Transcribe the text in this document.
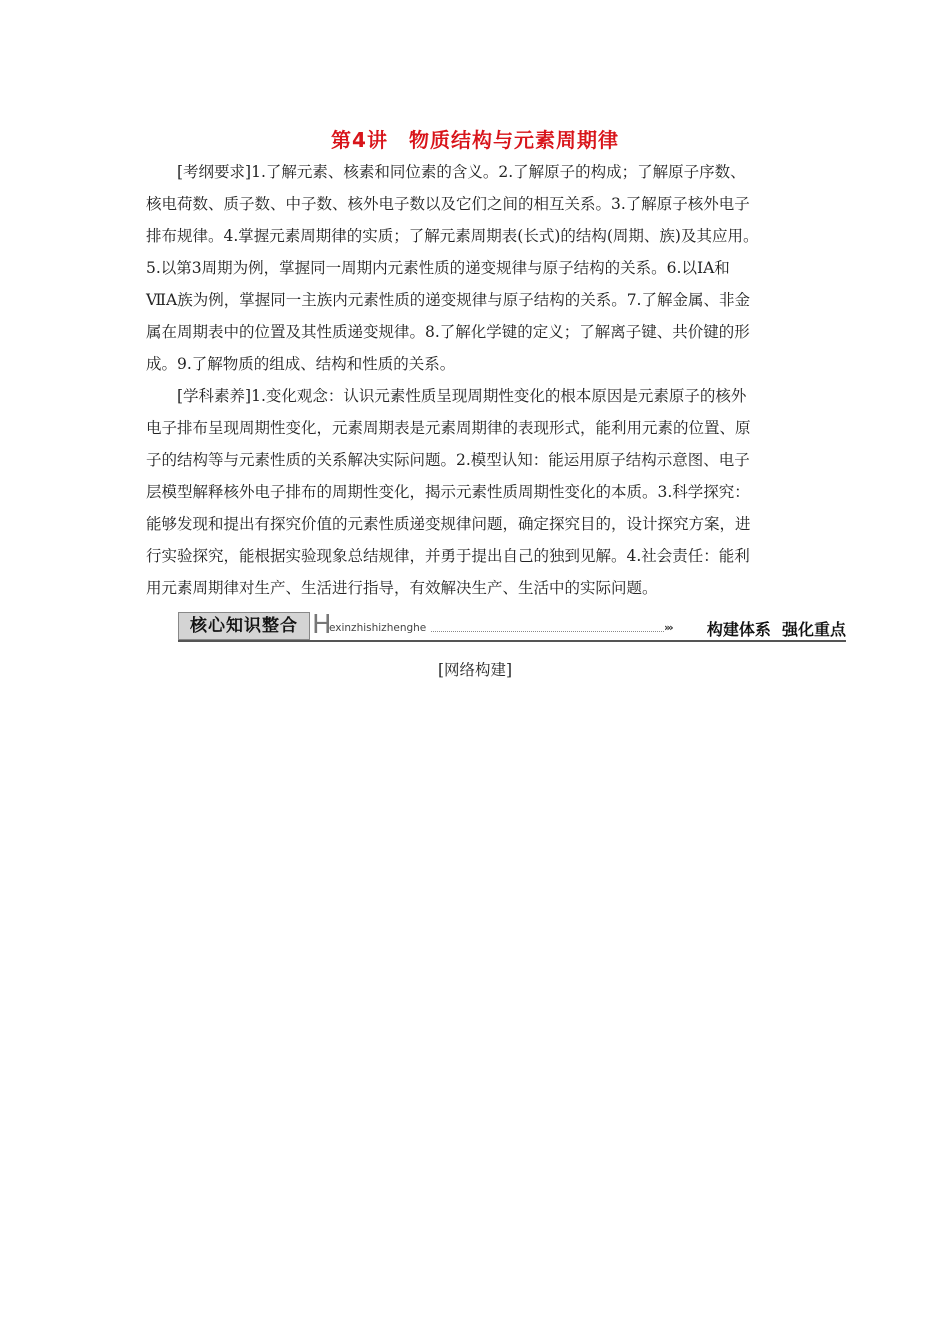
第4讲　物质结构与元素周期律
　　[考纲要求]1.了解元素、核素和同位素的含义。2.了解原子的构成；了解原子序数、
核电荷数、质子数、中子数、核外电子数以及它们之间的相互关系。3.了解原子核外电子
排布规律。4.掌握元素周期律的实质；了解元素周期表(长式)的结构(周期、族)及其应用。
5.以第3周期为例，掌握同一周期内元素性质的递变规律与原子结构的关系。6.以ⅠA和
ⅦA族为例，掌握同一主族内元素性质的递变规律与原子结构的关系。7.了解金属、非金
属在周期表中的位置及其性质递变规律。8.了解化学键的定义；了解离子键、共价键的形
成。9.了解物质的组成、结构和性质的关系。
　　[学科素养]1.变化观念：认识元素性质呈现周期性变化的根本原因是元素原子的核外
电子排布呈现周期性变化，元素周期表是元素周期律的表现形式，能利用元素的位置、原
子的结构等与元素性质的关系解决实际问题。2.模型认知：能运用原子结构示意图、电子
层模型解释核外电子排布的周期性变化，揭示元素性质周期性变化的本质。3.科学探究：
能够发现和提出有探究价值的元素性质递变规律问题，确定探究目的，设计探究方案，进
行实验探究，能根据实验现象总结规律，并勇于提出自己的独到见解。4.社会责任：能利
用元素周期律对生产、生活进行指导，有效解决生产、生活中的实际问题。
核心知识整合 H
exinzhishizhenghe	››› 构建体系  强化重点
[网络构建]
